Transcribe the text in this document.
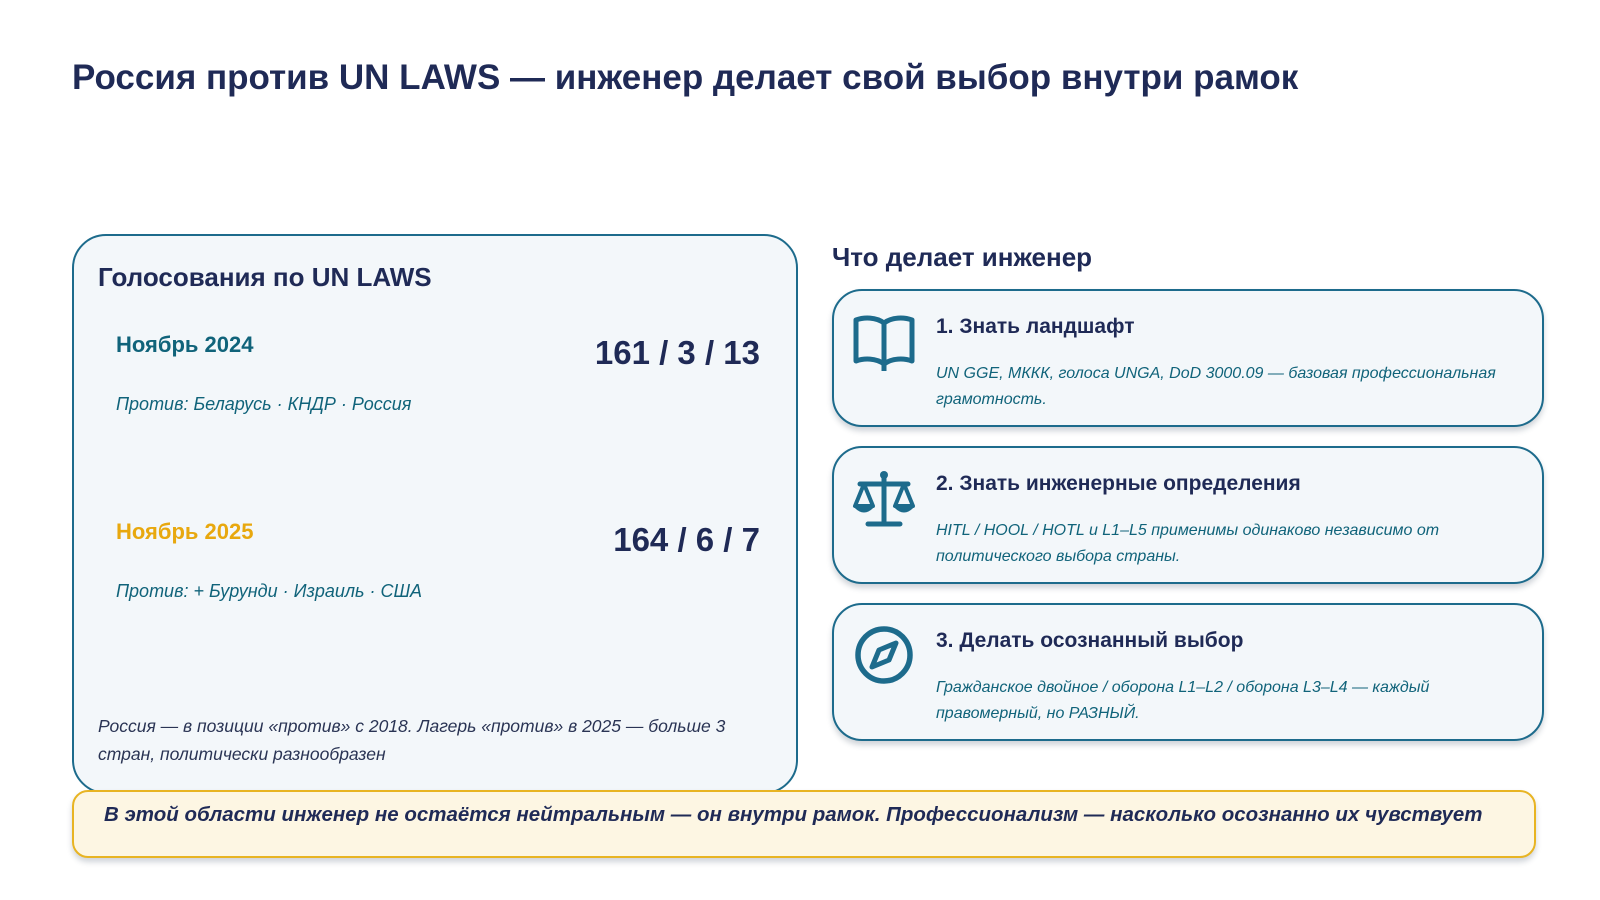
Россия против UN LAWS — инженер делает свой выбор внутри рамок
Голосования по UN LAWS
Ноябрь 2024	161 / 3 / 13
Против: Беларусь · КНДР · Россия
Ноябрь 2025	164 / 6 / 7
Против: + Бурунди · Израиль · США
Россия — в позиции «против» с 2018. Лагерь «против» в 2025 — больше 3 стран, политически разнообразен
Что делает инженер
1. Знать ландшафт
UN GGE, МККК, голоса UNGA, DoD 3000.09 — базовая профессиональная грамотность.
2. Знать инженерные определения
HITL / HOOL / HOTL и L1–L5 применимы одинаково независимо от политического выбора страны.
3. Делать осознанный выбор
Гражданское двойное / оборона L1–L2 / оборона L3–L4 — каждый правомерный, но РАЗНЫЙ.
В этой области инженер не остаётся нейтральным — он внутри рамок. Профессионализм — насколько осознанно их чувствует
